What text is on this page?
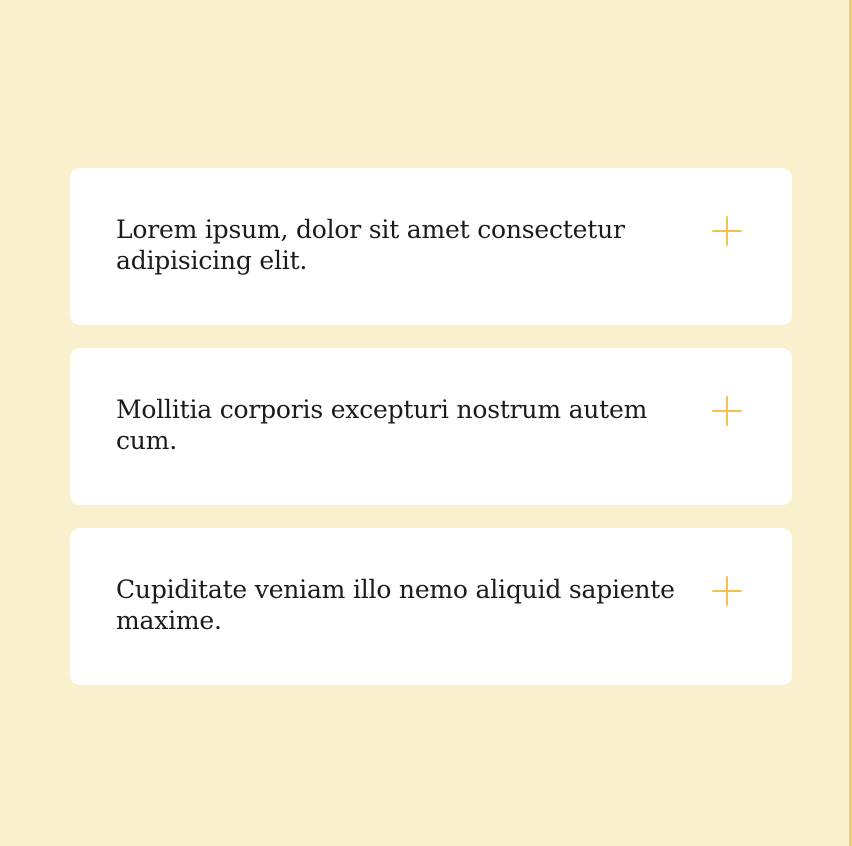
Lorem ipsum, dolor sit amet consectetur adipisicing elit.
Mollitia corporis excepturi nostrum autem cum.
Cupiditate veniam illo nemo aliquid sapiente maxime.
